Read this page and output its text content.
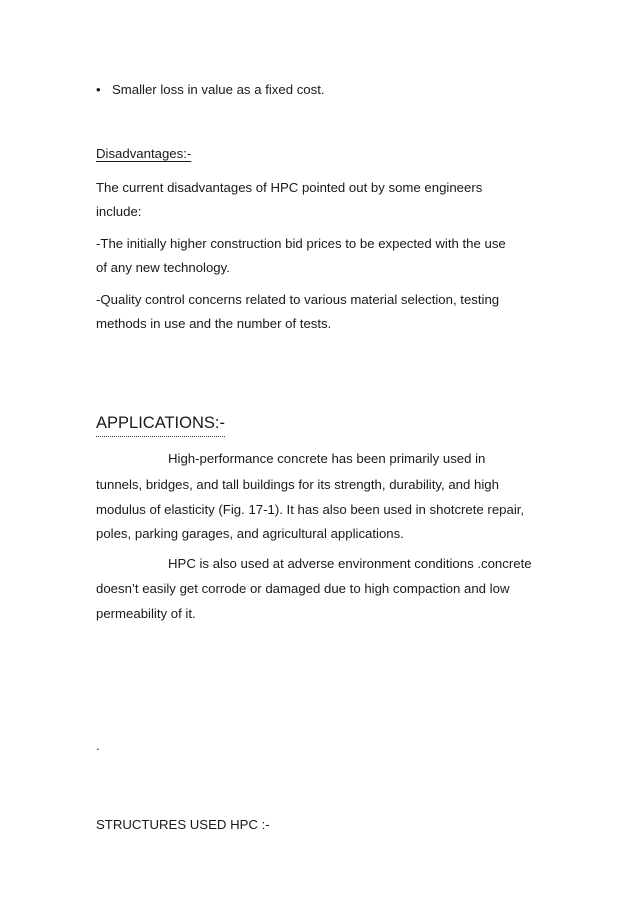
• Smaller loss in value as a fixed cost.
Disadvantages:-
The current disadvantages of HPC pointed out by some engineers
include:
-The initially higher construction bid prices to be expected with the use
of any new technology.
-Quality control concerns related to various material selection, testing
methods in use and the number of tests.
APPLICATIONS:-
High-performance concrete has been primarily used in
tunnels, bridges, and tall buildings for its strength, durability, and high
modulus of elasticity (Fig. 17-1). It has also been used in shotcrete repair,
poles, parking garages, and agricultural applications.
HPC is also used at adverse environment conditions .concrete
doesn’t easily get corrode or damaged due to high compaction and low
permeability of it.
.
STRUCTURES USED HPC :-
